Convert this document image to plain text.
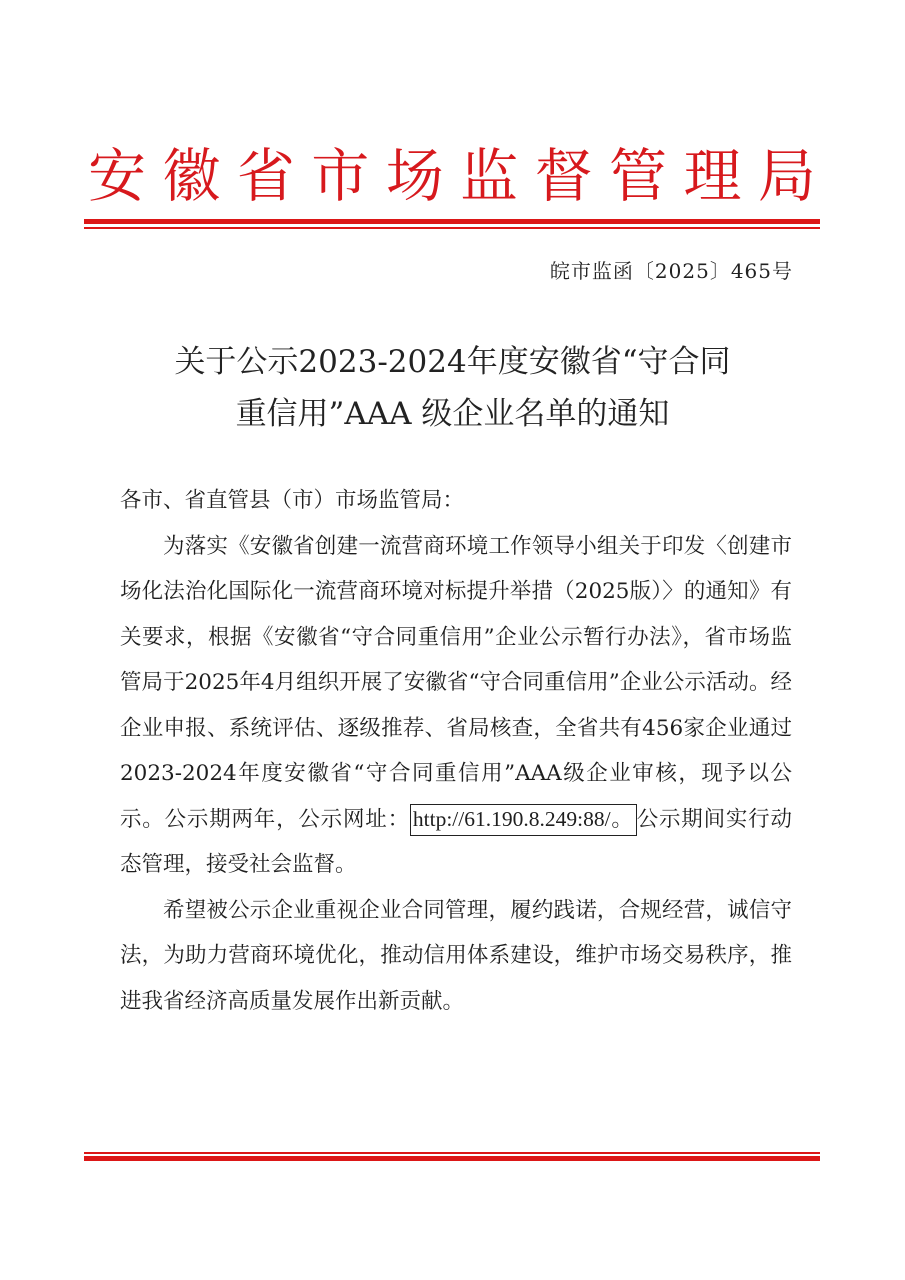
安 徽 省 市 场 监 督 管 理 局
皖市监函〔2025〕465号
关于公示2023-2024年度安徽省“守合同
重信用”AAA 级企业名单的通知

各市、省直管县（市）市场监管局：

为落实《安徽省创建一流营商环境工作领导小组关于印发〈创建市场化法治化国际化一流营商环境对标提升举措（2025版）〉的通知》有关要求，根据《安徽省“守合同重信用”企业公示暂行办法》，省市场监管局于2025年4月组织开展了安徽省“守合同重信用”企业公示活动。经企业申报、系统评估、逐级推荐、省局核查，全省共有456家企业通过2023-2024年度安徽省“守合同重信用”AAA级企业审核，现予以公示。公示期两年，公示网址： http://61.190.8.249:88/。 公示期间实行动态管理，接受社会监督。

希望被公示企业重视企业合同管理，履约践诺，合规经营，诚信守法，为助力营商环境优化，推动信用体系建设，维护市场交易秩序，推进我省经济高质量发展作出新贡献。
